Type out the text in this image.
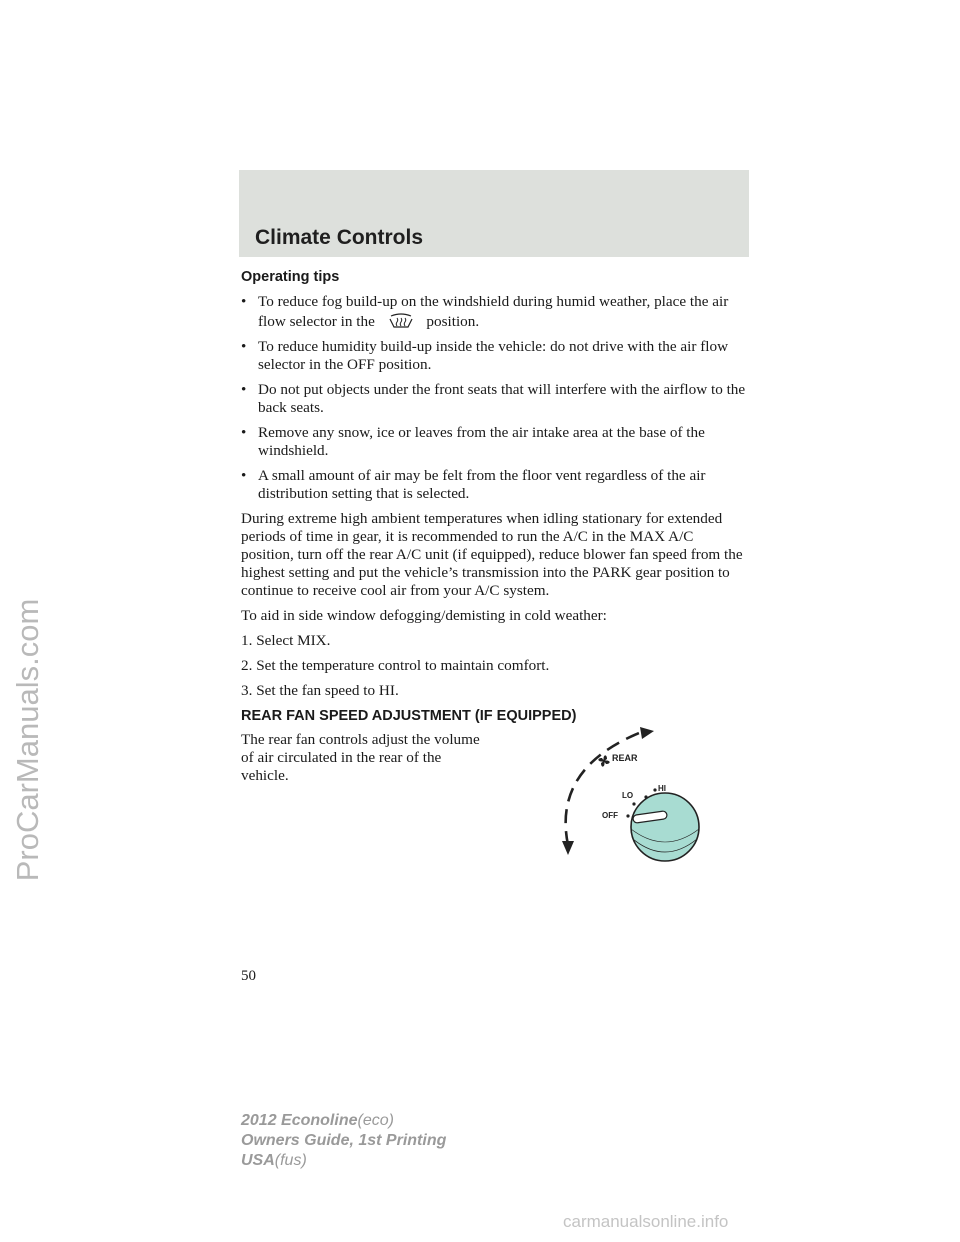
Climate Controls
Operating tips
• To reduce fog build-up on the windshield during humid weather, place the air flow selector in the	position.
• To reduce humidity build-up inside the vehicle: do not drive with the air flow selector in the OFF position.
• Do not put objects under the front seats that will interfere with the airflow to the back seats.
• Remove any snow, ice or leaves from the air intake area at the base of the windshield.
• A small amount of air may be felt from the floor vent regardless of the air distribution setting that is selected.

During extreme high ambient temperatures when idling stationary for extended periods of time in gear, it is recommended to run the A/C in the MAX A/C position, turn off the rear A/C unit (if equipped), reduce blower fan speed from the highest setting and put the vehicle’s transmission into the PARK gear position to continue to receive cool air from your A/C system.

To aid in side window defogging/demisting in cold weather:

1. Select MIX.

2. Set the temperature control to maintain comfort.

3. Set the fan speed to HI.

REAR FAN SPEED ADJUSTMENT (IF EQUIPPED)

The rear fan controls adjust the volume of air circulated in the rear of the vehicle.

REAR
LO
HI
OFF
50
2012 Econoline(eco)
Owners Guide, 1st Printing
USA(fus)
ProCarManuals.com
carmanualsonline.info
